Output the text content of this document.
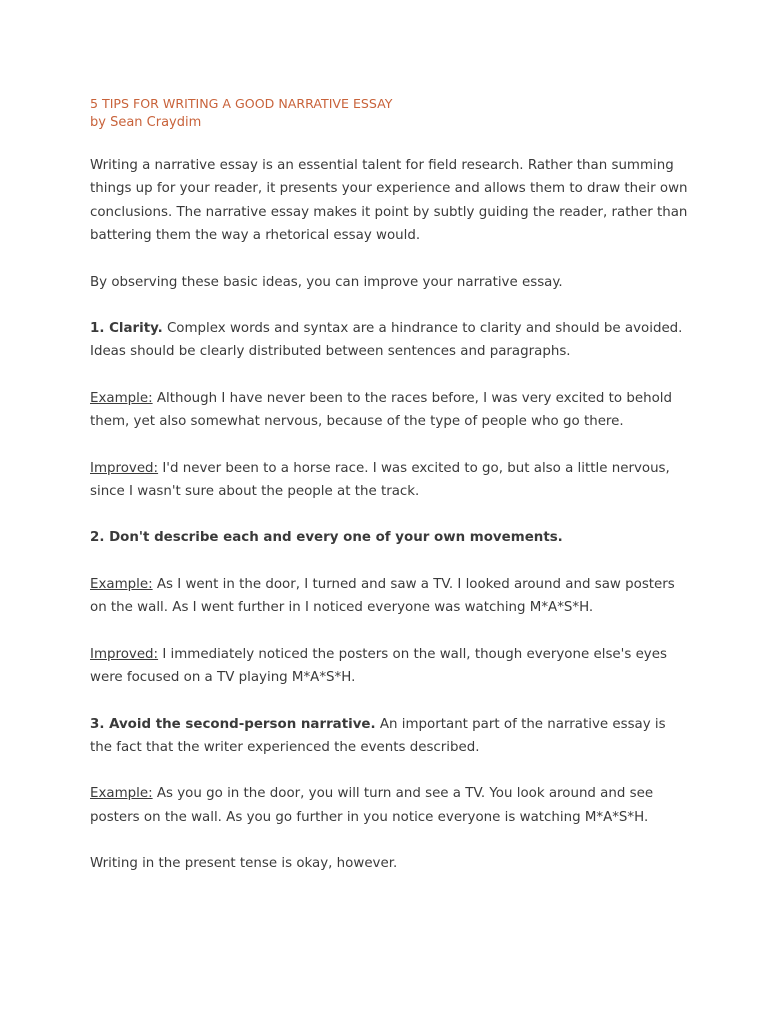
5 TIPS FOR WRITING A GOOD NARRATIVE ESSAY
by Sean Craydim

Writing a narrative essay is an essential talent for field research. Rather than summing things up for your reader, it presents your experience and allows them to draw their own conclusions. The narrative essay makes it point by subtly guiding the reader, rather than battering them the way a rhetorical essay would.

By observing these basic ideas, you can improve your narrative essay.

1. Clarity. Complex words and syntax are a hindrance to clarity and should be avoided. Ideas should be clearly distributed between sentences and paragraphs.

Example: Although I have never been to the races before, I was very excited to behold them, yet also somewhat nervous, because of the type of people who go there.

Improved: I'd never been to a horse race. I was excited to go, but also a little nervous, since I wasn't sure about the people at the track.

2. Don't describe each and every one of your own movements.

Example: As I went in the door, I turned and saw a TV. I looked around and saw posters on the wall. As I went further in I noticed everyone was watching M*A*S*H.

Improved: I immediately noticed the posters on the wall, though everyone else's eyes were focused on a TV playing M*A*S*H.

3. Avoid the second-person narrative. An important part of the narrative essay is the fact that the writer experienced the events described.

Example: As you go in the door, you will turn and see a TV. You look around and see posters on the wall. As you go further in you notice everyone is watching M*A*S*H.

Writing in the present tense is okay, however.
